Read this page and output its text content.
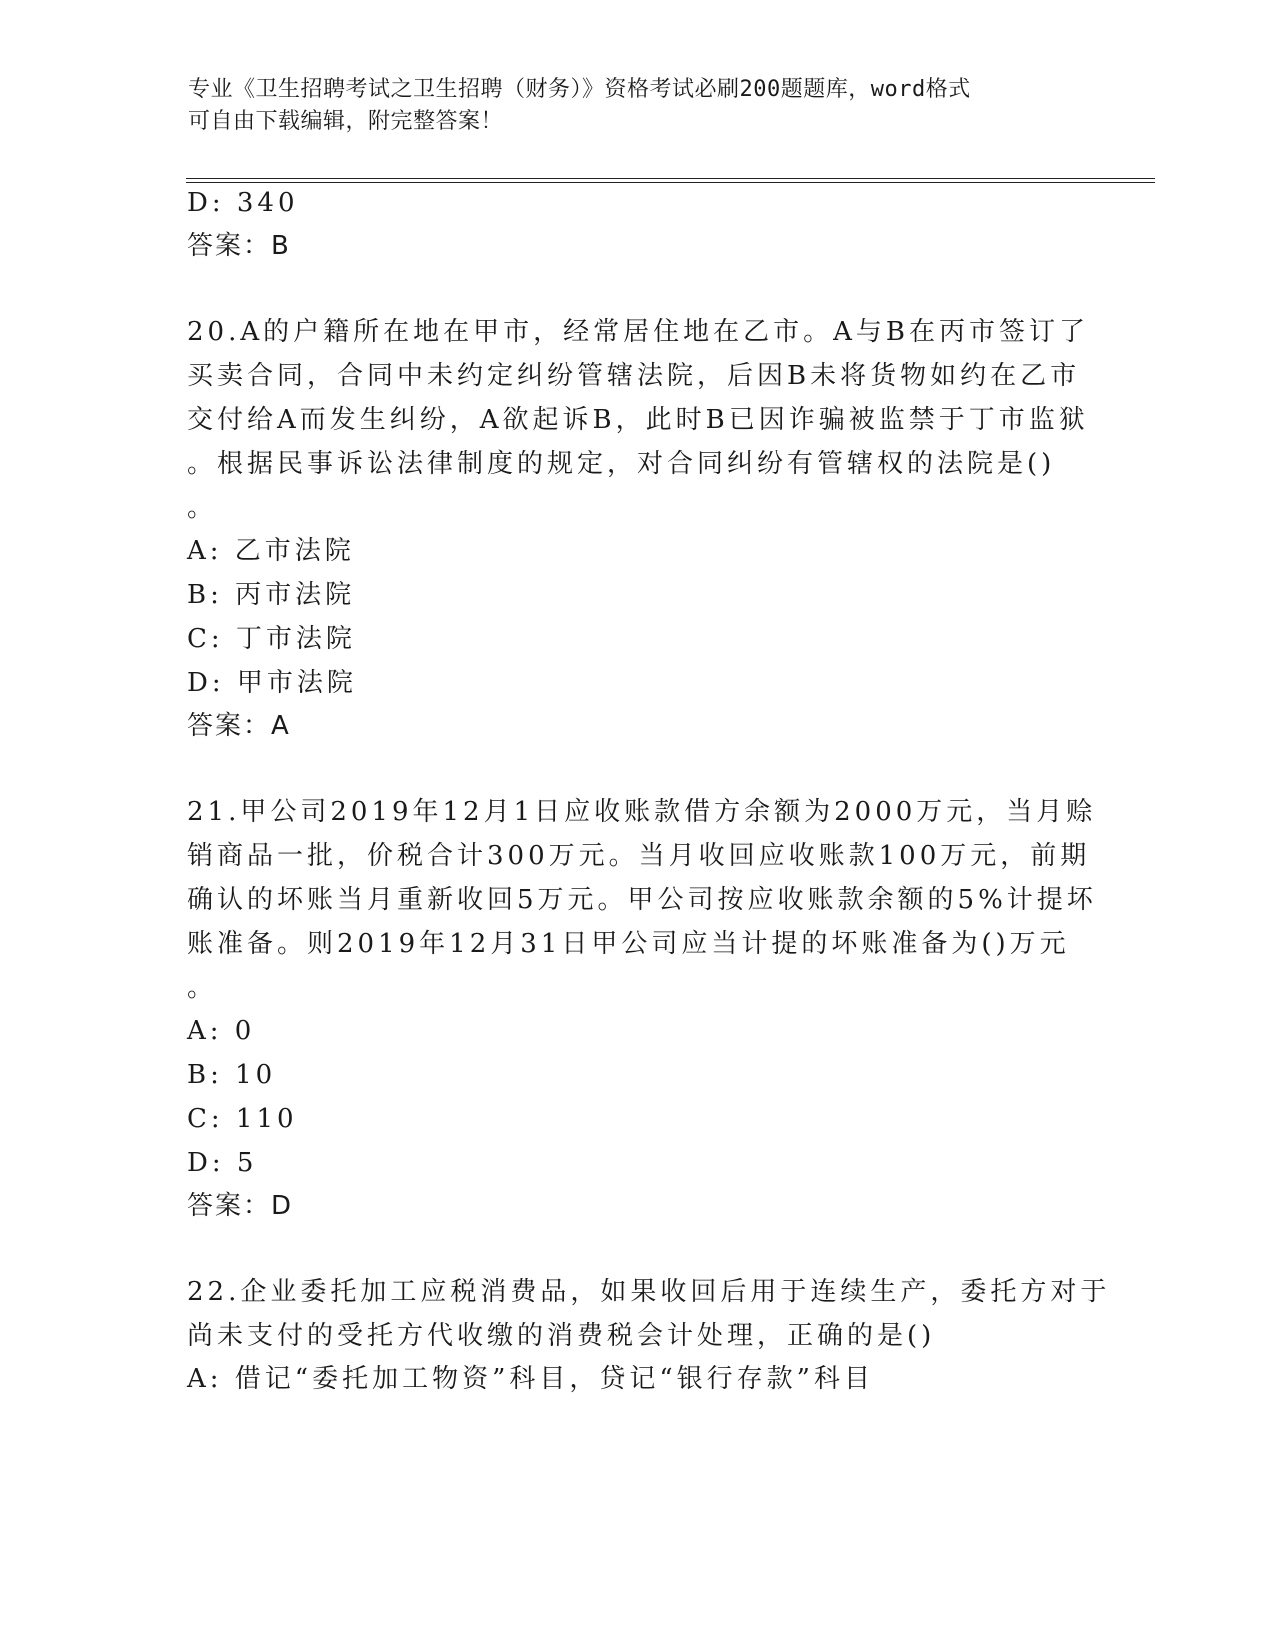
专业《卫生招聘考试之卫生招聘（财务）》资格考试必刷200题题库，word格式
可自由下载编辑，附完整答案！
D: 340
答案：B
20.A的户籍所在地在甲市，经常居住地在乙市。A与B在丙市签订了
买卖合同，合同中未约定纠纷管辖法院，后因B未将货物如约在乙市
交付给A而发生纠纷，A欲起诉B，此时B已因诈骗被监禁于丁市监狱
。根据民事诉讼法律制度的规定，对合同纠纷有管辖权的法院是()
。
A: 乙市法院
B: 丙市法院
C: 丁市法院
D: 甲市法院
答案：A
21.甲公司2019年12月1日应收账款借方余额为2000万元，当月赊
销商品一批，价税合计300万元。当月收回应收账款100万元，前期
确认的坏账当月重新收回5万元。甲公司按应收账款余额的5%计提坏
账准备。则2019年12月31日甲公司应当计提的坏账准备为()万元
。
A: 0
B: 10
C: 110
D: 5
答案：D
22.企业委托加工应税消费品，如果收回后用于连续生产，委托方对于
尚未支付的受托方代收缴的消费税会计处理，正确的是()
A: 借记“委托加工物资”科目，贷记“银行存款”科目
